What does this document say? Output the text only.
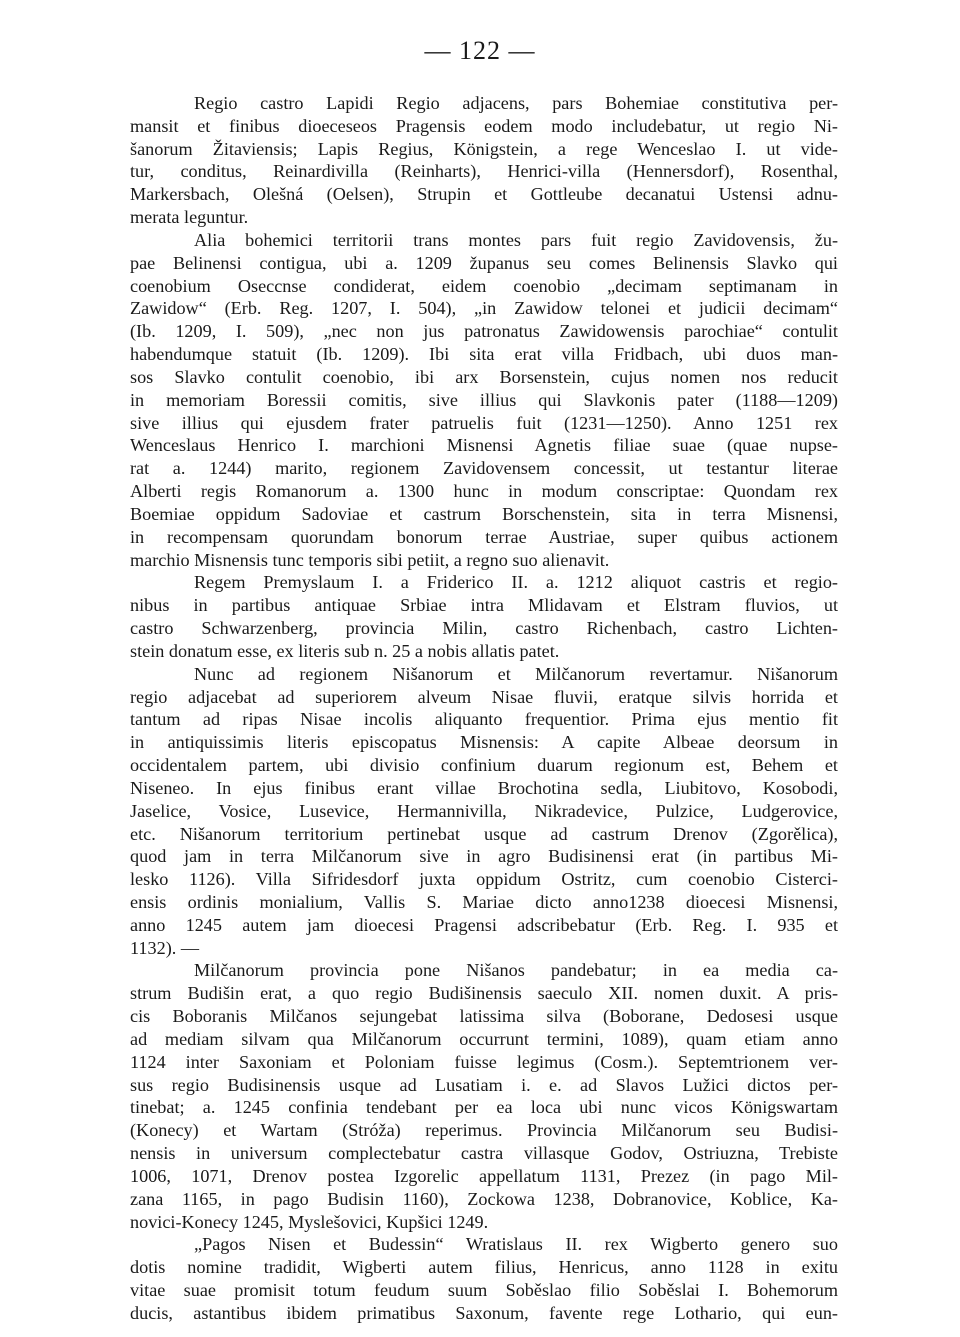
— 122 —
Regio castro Lapidi Regio adjacens, pars Bohemiae constitutiva per-
mansit et finibus dioeceseos Pragensis eodem modo includebatur, ut regio Ni-
šanorum Žitaviensis; Lapis Regius, Königstein, a rege Wenceslao I. ut vide-
tur, conditus, Reinardivilla (Reinharts), Henrici-villa (Hennersdorf), Rosenthal,
Markersbach, Olešná (Oelsen), Strupin et Gottleube decanatui Ustensi adnu-
merata leguntur.
Alia bohemici territorii trans montes pars fuit regio Zavidovensis, žu-
pae Belinensi contigua, ubi a. 1209 županus seu comes Belinensis Slavko qui
coenobium Oseccnse condiderat, eidem coenobio „decimam septimanam in
Zawidow“ (Erb. Reg. 1207, I. 504), „in Zawidow telonei et judicii decimam“
(Ib. 1209, I. 509), „nec non jus patronatus Zawidowensis parochiae“ contulit
habendumque statuit (Ib. 1209). Ibi sita erat villa Fridbach, ubi duos man-
sos Slavko contulit coenobio, ibi arx Borsenstein, cujus nomen nos reducit
in memoriam Boressii comitis, sive illius qui Slavkonis pater (1188—1209)
sive illius qui ejusdem frater patruelis fuit (1231—1250). Anno 1251 rex
Wenceslaus Henrico I. marchioni Misnensi Agnetis filiae suae (quae nupse-
rat a. 1244) marito, regionem Zavidovensem concessit, ut testantur literae
Alberti regis Romanorum a. 1300 hunc in modum conscriptae: Quondam rex
Boemiae oppidum Sadoviae et castrum Borschenstein, sita in terra Misnensi,
in recompensam quorundam bonorum terrae Austriae, super quibus actionem
marchio Misnensis tunc temporis sibi petiit, a regno suo alienavit.
Regem Premyslaum I. a Friderico II. a. 1212 aliquot castris et regio-
nibus in partibus antiquae Srbiae intra Mlidavam et Elstram fluvios, ut
castro Schwarzenberg, provincia Milin, castro Richenbach, castro Lichten-
stein donatum esse, ex literis sub n. 25 a nobis allatis patet.
Nunc ad regionem Nišanorum et Milčanorum revertamur. Nišanorum
regio adjacebat ad superiorem alveum Nisae fluvii, eratque silvis horrida et
tantum ad ripas Nisae incolis aliquanto frequentior. Prima ejus mentio fit
in antiquissimis literis episcopatus Misnensis: A capite Albeae deorsum in
occidentalem partem, ubi divisio confinium duarum regionum est, Behem et
Niseneo. In ejus finibus erant villae Brochotina sedla, Liubitovo, Kosobodi,
Jaselice, Vosice, Lusevice, Hermannivilla, Nikradevice, Pulzice, Ludgerovice,
etc. Nišanorum territorium pertinebat usque ad castrum Drenov (Zgorělica),
quod jam in terra Milčanorum sive in agro Budisinensi erat (in partibus Mi-
lesko 1126). Villa Sifridesdorf juxta oppidum Ostritz, cum coenobio Cisterci-
ensis ordinis monialium, Vallis S. Mariae dicto anno1238 dioecesi Misnensi,
anno 1245 autem jam dioecesi Pragensi adscribebatur (Erb. Reg. I. 935 et
1132). —
Milčanorum provincia pone Nišanos pandebatur; in ea media ca-
strum Budišin erat, a quo regio Budišinensis saeculo XII. nomen duxit. A pris-
cis Boboranis Milčanos sejungebat latissima silva (Boborane, Dedosesi usque
ad mediam silvam qua Milčanorum occurrunt termini, 1089), quam etiam anno
1124 inter Saxoniam et Poloniam fuisse legimus (Cosm.). Septemtrionem ver-
sus regio Budisinensis usque ad Lusatiam i. e. ad Slavos Lužici dictos per-
tinebat; a. 1245 confinia tendebant per ea loca ubi nunc vicos Königswartam
(Konecy) et Wartam (Stróža) reperimus. Provincia Milčanorum seu Budisi-
nensis in universum complectebatur castra villasque Godov, Ostriuzna, Trebiste
1006, 1071, Drenov postea Izgorelic appellatum 1131, Prezez (in pago Mil-
zana 1165, in pago Budisin 1160), Zockowa 1238, Dobranovice, Koblice, Ka-
novici-Konecy 1245, Myslešovici, Kupšici 1249.
„Pagos Nisen et Budessin“ Wratislaus II. rex Wigberto genero suo
dotis nomine tradidit, Wigberti autem filius, Henricus, anno 1128 in exitu
vitae suae promisit totum feudum suum Soběslao filio Soběslai I. Bohemorum
ducis, astantibus ibidem primatibus Saxonum, favente rege Lothario, qui eun-
